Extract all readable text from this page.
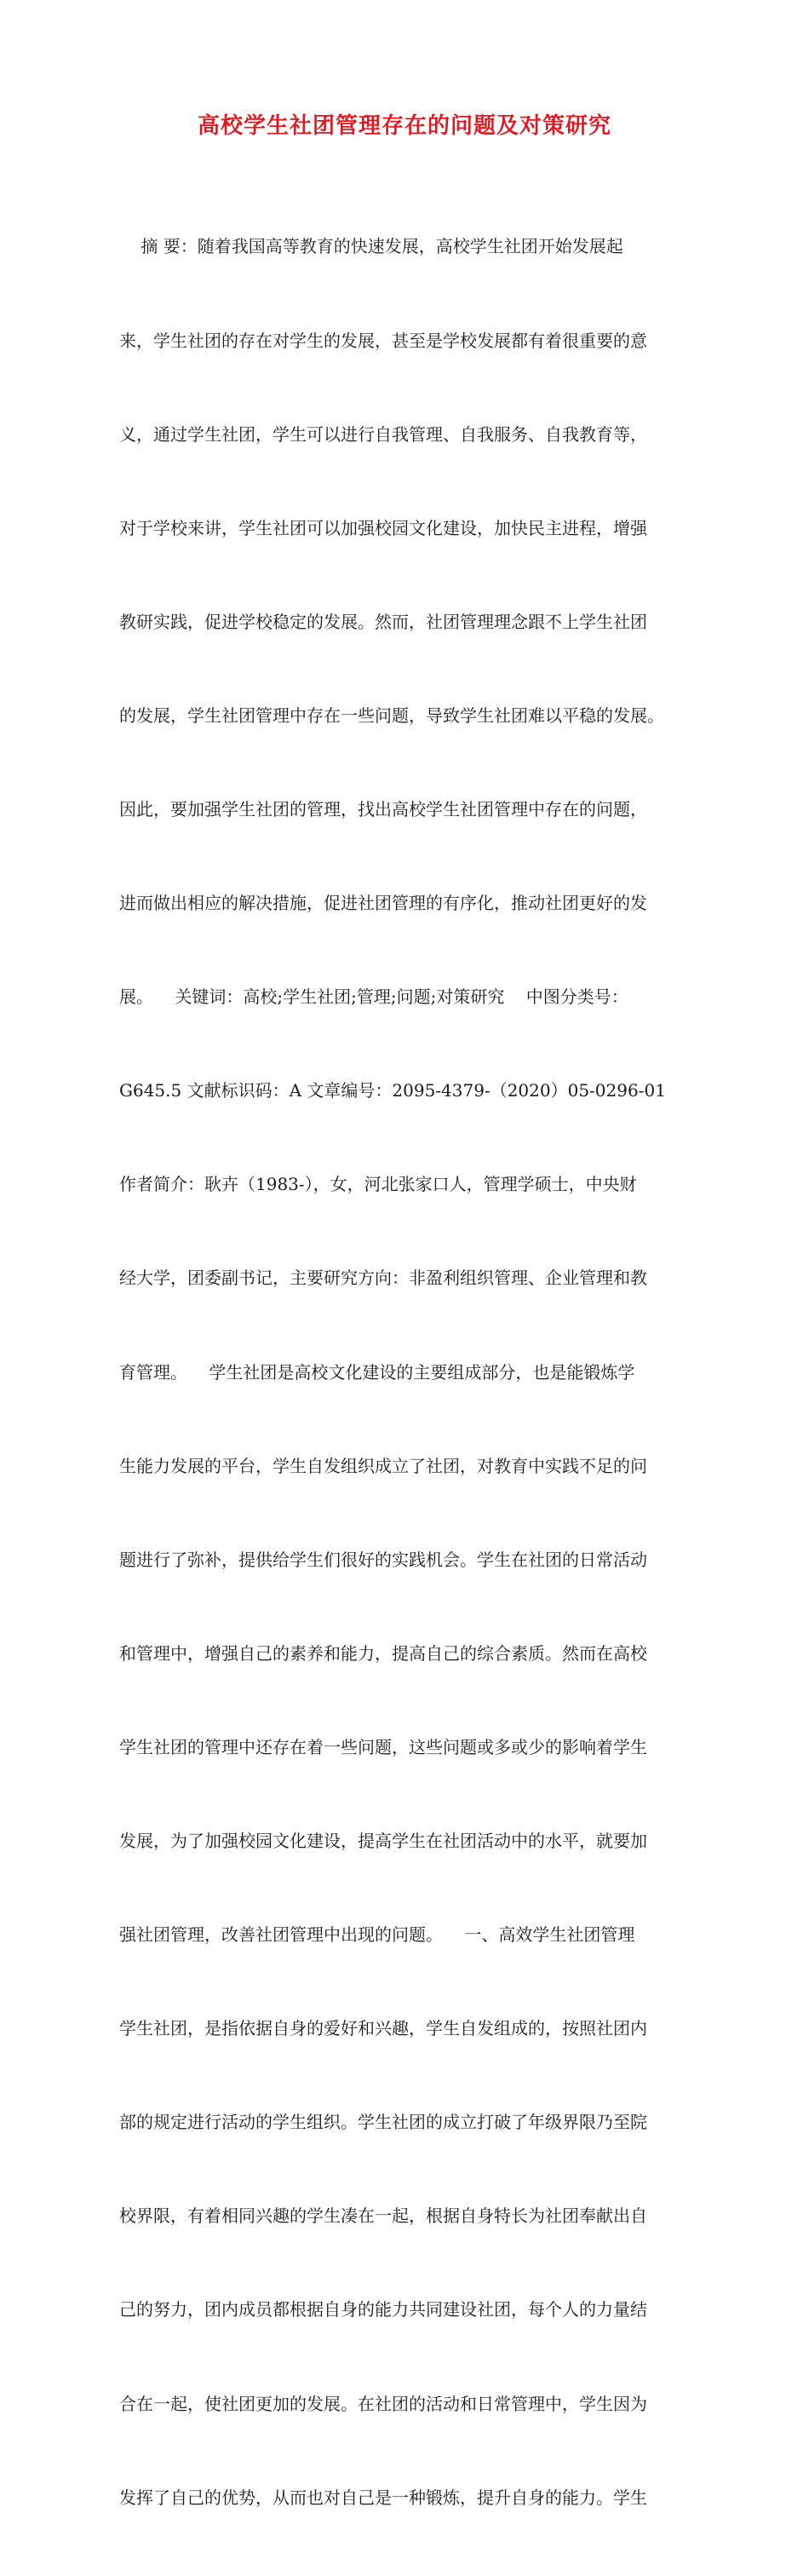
高校学生社团管理存在的问题及对策研究

摘 要：随着我国高等教育的快速发展，高校学生社团开始发展起

来，学生社团的存在对学生的发展，甚至是学校发展都有着很重要的意

义，通过学生社团，学生可以进行自我管理、自我服务、自我教育等，

对于学校来讲，学生社团可以加强校园文化建设，加快民主进程，增强

教研实践，促进学校稳定的发展。然而，社团管理理念跟不上学生社团

的发展，学生社团管理中存在一些问题，导致学生社团难以平稳的发展。

因此，要加强学生社团的管理，找出高校学生社团管理中存在的问题，

进而做出相应的解决措施，促进社团管理的有序化，推动社团更好的发

展。    关键词：高校;学生社团;管理;问题;对策研究    中图分类号：

G645.5 文献标识码：A 文章编号：2095-4379-（2020）05-0296-01

作者简介：耿卉（1983-），女，河北张家口人，管理学硕士，中央财

经大学，团委副书记，主要研究方向：非盈利组织管理、企业管理和教

育管理。    学生社团是高校文化建设的主要组成部分，也是能锻炼学

生能力发展的平台，学生自发组织成立了社团，对教育中实践不足的问

题进行了弥补，提供给学生们很好的实践机会。学生在社团的日常活动

和管理中，增强自己的素养和能力，提高自己的综合素质。然而在高校

学生社团的管理中还存在着一些问题，这些问题或多或少的影响着学生

发展，为了加强校园文化建设，提高学生在社团活动中的水平，就要加

强社团管理，改善社团管理中出现的问题。    一、高效学生社团管理

学生社团，是指依据自身的爱好和兴趣，学生自发组成的，按照社团内

部的规定进行活动的学生组织。学生社团的成立打破了年级界限乃至院

校界限，有着相同兴趣的学生凑在一起，根据自身特长为社团奉献出自

己的努力，团内成员都根据自身的能力共同建设社团，每个人的力量结

合在一起，使社团更加的发展。在社团的活动和日常管理中，学生因为

发挥了自己的优势，从而也对自己是一种锻炼，提升自身的能力。学生
